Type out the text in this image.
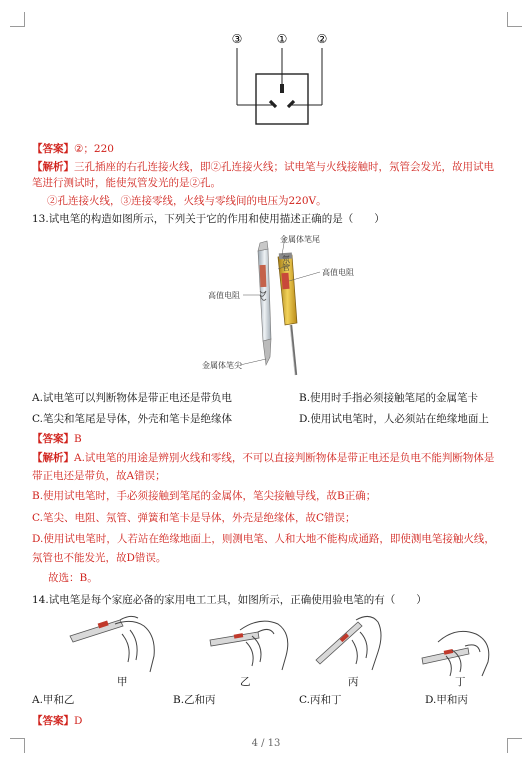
③	① ②
【答案】②；220
【解析】三孔插座的右孔连接火线，即②孔连接火线；试电笔与火线接触时，氖管会发光，故用试电
笔进行测试时，能使氖管发光的是②孔。
②孔连接火线，③连接零线，火线与零线间的电压为220V。
13.试电笔的构造如图所示，下列关于它的作用和使用描述正确的是（　　）
金属体笔尾
氖管
高值电阻
高值电阻
金属体笔尖
A.试电笔可以判断物体是带正电还是带负电	B.使用时手指必须接触笔尾的金属笔卡
C.笔尖和笔尾是导体，外壳和笔卡是绝缘体	D.使用试电笔时，人必须站在绝缘地面上
【答案】B
【解析】A.试电笔的用途是辨别火线和零线，不可以直接判断物体是带正电还是负电不能判断物体是
带正电还是带负，故A错误；
B.使用试电笔时，手必须接触到笔尾的金属体，笔尖接触导线，故B正确；
C.笔尖、电阻、氖管、弹簧和笔卡是导体，外壳是绝缘体，故C错误；
D.使用试电笔时，人若站在绝缘地面上，则测电笔、人和大地不能构成通路，即使测电笔接触火线，
氖管也不能发光，故D错误。
故选：B。
14.试电笔是每个家庭必备的家用电工工具，如图所示，正确使用验电笔的有（　　）
甲	乙	丙	丁
A.甲和乙	B.乙和丙	C.丙和丁	D.甲和丙
【答案】D
4 / 13
